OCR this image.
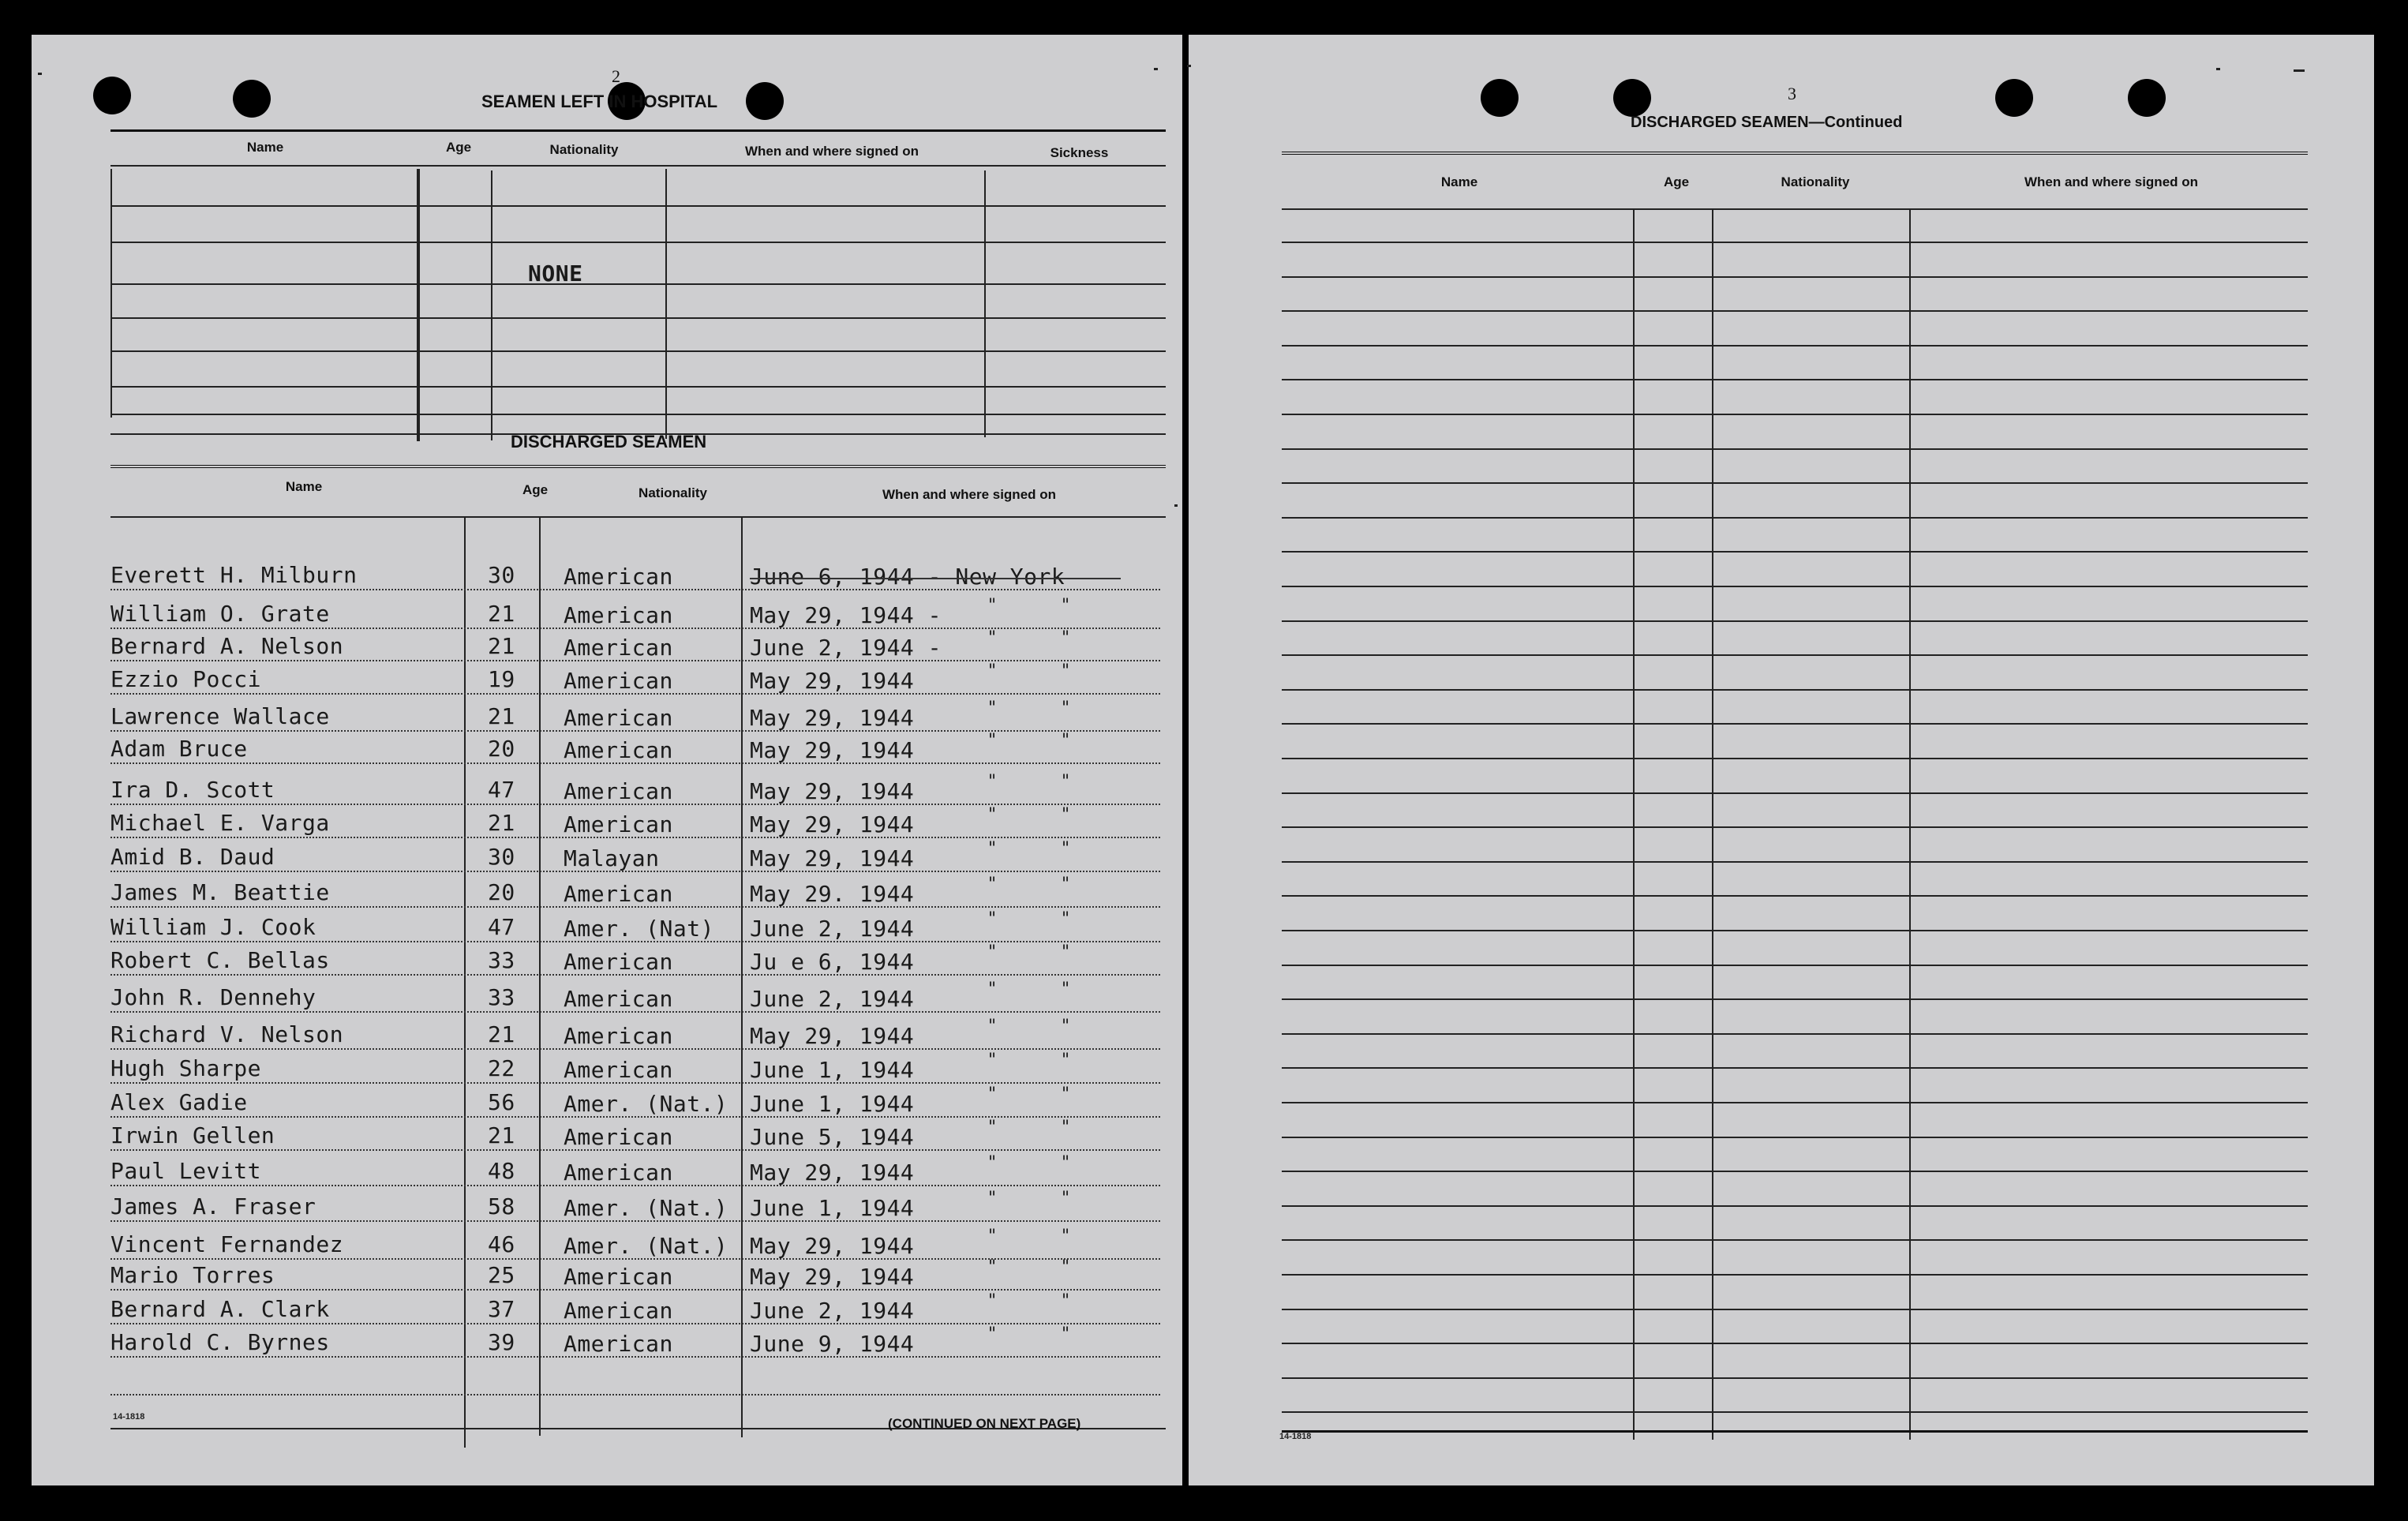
2
SEAMEN LEFT IN HOSPITAL
Name	Age	Nationality	When and where signed on	Sickness
NONE
DISCHARGED SEAMEN
Name	Age	Nationality	When and where signed on
Everett H. Milburn	30 American	June 6, 1944 - New York
William O. Grate	21 American	May 29, 1944 -	"	"
Bernard A. Nelson	21 American	June 2, 1944 -	"	"
Ezzio Pocci	19 American	May 29, 1944	"	"
Lawrence Wallace	21 American	May 29, 1944	"	"
Adam Bruce	20 American	May 29, 1944	"	"
Ira D. Scott	47 American	May 29, 1944	"	"
Michael E. Varga	21 American	May 29, 1944	"	"
Amid B. Daud	30 Malayan	May 29, 1944	"	"
James M. Beattie	20 American	May 29. 1944	"	"
William J. Cook	47 Amer. (Nat) June 2, 1944	"	"
Robert C. Bellas	33 American	Ju e 6, 1944	"	"
John R. Dennehy	33 American	June 2, 1944	"	"
Richard V. Nelson	21 American	May 29, 1944	"	"
Hugh Sharpe	22 American	June 1, 1944	"	"
Alex Gadie	56 Amer. (Nat.) June 1, 1944	"	"
Irwin Gellen	21 American	June 5, 1944	"	"
Paul Levitt	48 American	May 29, 1944	"	"
James A. Fraser	58 Amer. (Nat.) June 1, 1944	"	"
Vincent Fernandez	46 Amer. (Nat.) May 29, 1944	"	"
Mario Torres	25 American	May 29, 1944	"	"
Bernard A. Clark	37 American	June 2, 1944	"	"
Harold C. Byrnes	39 American	June 9, 1944	"	"
14-1818	(CONTINUED ON NEXT PAGE)
3
DISCHARGED SEAMEN—Continued
Name	Age	Nationality	When and where signed on
14-1818
